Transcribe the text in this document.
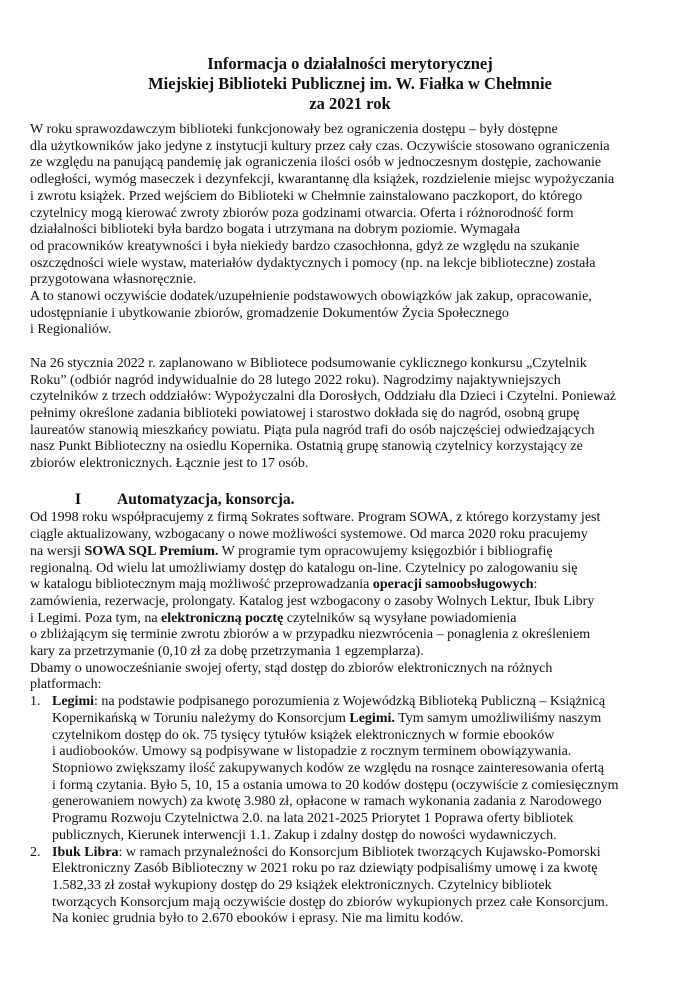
Informacja o działalności merytorycznej
Miejskiej Biblioteki Publicznej im. W. Fiałka w Chełmnie
za 2021 rok

W roku sprawozdawczym biblioteki funkcjonowały bez ograniczenia dostępu – były dostępne
dla użytkowników jako jedyne z instytucji kultury przez cały czas. Oczywiście stosowano ograniczenia
ze względu na panującą pandemię jak ograniczenia ilości osób w jednoczesnym dostępie, zachowanie
odległości, wymóg maseczek i dezynfekcji, kwarantannę dla książek, rozdzielenie miejsc wypożyczania
i zwrotu książek. Przed wejściem do Biblioteki w Chełmnie zainstalowano paczkoport, do którego
czytelnicy mogą kierować zwroty zbiorów poza godzinami otwarcia. Oferta i różnorodność form
działalności biblioteki była bardzo bogata i utrzymana na dobrym poziomie. Wymagała
od pracowników kreatywności i była niekiedy bardzo czasochłonna, gdyż ze względu na szukanie
oszczędności wiele wystaw, materiałów dydaktycznych i pomocy (np. na lekcje biblioteczne) została
przygotowana własnoręcznie.
A to stanowi oczywiście dodatek/uzupełnienie podstawowych obowiązków jak zakup, opracowanie,
udostępnianie i ubytkowanie zbiorów, gromadzenie Dokumentów Życia Społecznego
i Regionaliów.

Na 26 stycznia 2022 r. zaplanowano w Bibliotece podsumowanie cyklicznego konkursu „Czytelnik
Roku” (odbiór nagród indywidualnie do 28 lutego 2022 roku). Nagrodzimy najaktywniejszych
czytelników z trzech oddziałów: Wypożyczalni dla Dorosłych, Oddziału dla Dzieci i Czytelni. Ponieważ
pełnimy określone zadania biblioteki powiatowej i starostwo dokłada się do nagród, osobną grupę
laureatów stanowią mieszkańcy powiatu. Piąta pula nagród trafi do osób najczęściej odwiedzających
nasz Punkt Biblioteczny na osiedlu Kopernika. Ostatnią grupę stanowią czytelnicy korzystający ze
zbiorów elektronicznych. Łącznie jest to 17 osób.

I Automatyzacja, konsorcja.

Od 1998 roku współpracujemy z firmą Sokrates software. Program SOWA, z którego korzystamy jest
ciągle aktualizowany, wzbogacany o nowe możliwości systemowe. Od marca 2020 roku pracujemy
na wersji SOWA SQL Premium. W programie tym opracowujemy księgozbiór i bibliografię
regionalną. Od wielu lat umożliwiamy dostęp do katalogu on-line. Czytelnicy po zalogowaniu się
w katalogu bibliotecznym mają możliwość przeprowadzania operacji samoobsługowych:
zamówienia, rezerwacje, prolongaty. Katalog jest wzbogacony o zasoby Wolnych Lektur, Ibuk Libry
i Legimi. Poza tym, na elektroniczną pocztę czytelników są wysyłane powiadomienia
o zbliżającym się terminie zwrotu zbiorów a w przypadku niezwrócenia – ponaglenia z określeniem
kary za przetrzymanie (0,10 zł za dobę przetrzymania 1 egzemplarza).
Dbamy o unowocześnianie swojej oferty, stąd dostęp do zbiorów elektronicznych na różnych
platformach:

1. Legimi: na podstawie podpisanego porozumienia z Wojewódzką Biblioteką Publiczną – Książnicą
Kopernikańską w Toruniu należymy do Konsorcjum Legimi. Tym samym umożliwiliśmy naszym
czytelnikom dostęp do ok. 75 tysięcy tytułów książek elektronicznych w formie ebooków
i audiobooków. Umowy są podpisywane w listopadzie z rocznym terminem obowiązywania.
Stopniowo zwiększamy ilość zakupywanych kodów ze względu na rosnące zainteresowania ofertą
i formą czytania. Było 5, 10, 15 a ostania umowa to 20 kodów dostępu (oczywiście z comiesięcznym
generowaniem nowych) za kwotę 3.980 zł, opłacone w ramach wykonania zadania z Narodowego
Programu Rozwoju Czytelnictwa 2.0. na lata 2021-2025 Priorytet 1 Poprawa oferty bibliotek
publicznych, Kierunek interwencji 1.1. Zakup i zdalny dostęp do nowości wydawniczych.
2. Ibuk Libra: w ramach przynależności do Konsorcjum Bibliotek tworzących Kujawsko-Pomorski
Elektroniczny Zasób Biblioteczny w 2021 roku po raz dziewiąty podpisaliśmy umowę i za kwotę
1.582,33 zł został wykupiony dostęp do 29 książek elektronicznych. Czytelnicy bibliotek
tworzących Konsorcjum mają oczywiście dostęp do zbiorów wykupionych przez całe Konsorcjum.
Na koniec grudnia było to 2.670 ebooków i eprasy. Nie ma limitu kodów.
